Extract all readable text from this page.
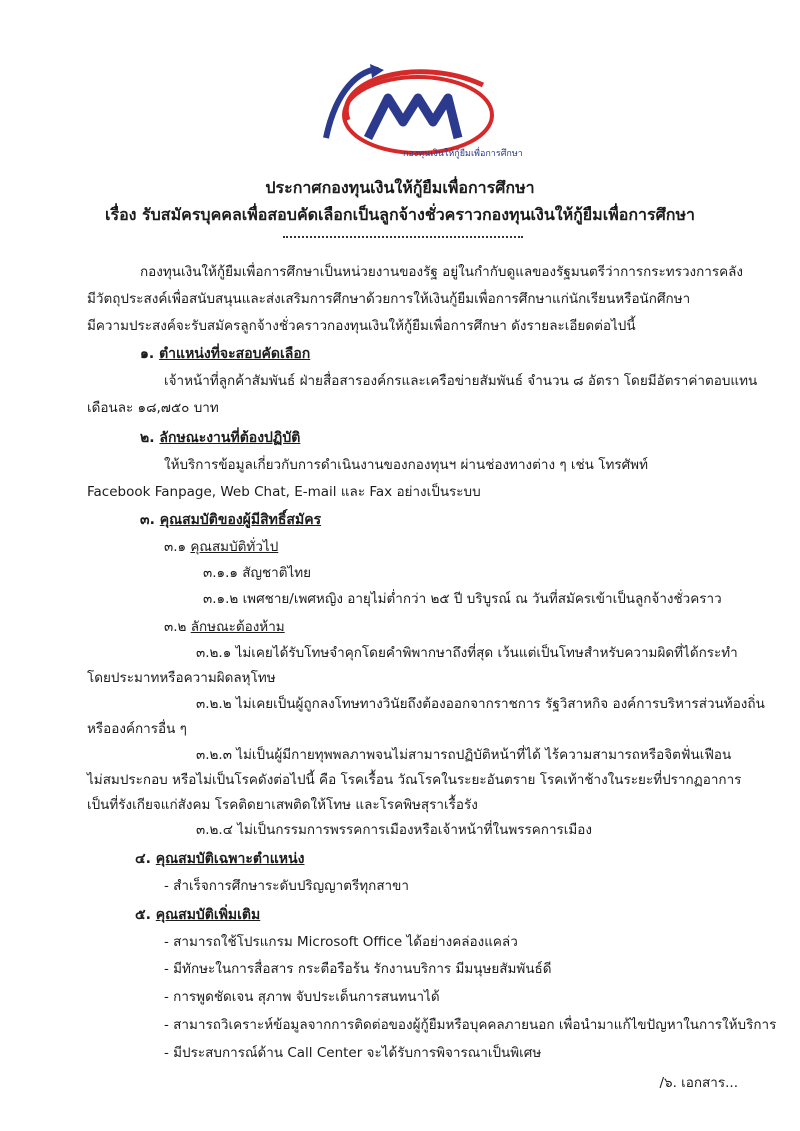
กองทุนเงินให้กู้ยืมเพื่อการศึกษา
ประกาศกองทุนเงินให้กู้ยืมเพื่อการศึกษา
เรื่อง รับสมัครบุคคลเพื่อสอบคัดเลือกเป็นลูกจ้างชั่วคราวกองทุนเงินให้กู้ยืมเพื่อการศึกษา
กองทุนเงินให้กู้ยืมเพื่อการศึกษาเป็นหน่วยงานของรัฐ อยู่ในกำกับดูแลของรัฐมนตรีว่าการกระทรวงการคลัง
มีวัตถุประสงค์เพื่อสนับสนุนและส่งเสริมการศึกษาด้วยการให้เงินกู้ยืมเพื่อการศึกษาแก่นักเรียนหรือนักศึกษา
มีความประสงค์จะรับสมัครลูกจ้างชั่วคราวกองทุนเงินให้กู้ยืมเพื่อการศึกษา ดังรายละเอียดต่อไปนี้
๑. ตำแหน่งที่จะสอบคัดเลือก
เจ้าหน้าที่ลูกค้าสัมพันธ์ ฝ่ายสื่อสารองค์กรและเครือข่ายสัมพันธ์ จำนวน ๘ อัตรา โดยมีอัตราค่าตอบแทน
เดือนละ ๑๘,๗๕๐ บาท
๒. ลักษณะงานที่ต้องปฏิบัติ
ให้บริการข้อมูลเกี่ยวกับการดำเนินงานของกองทุนฯ ผ่านช่องทางต่าง ๆ เช่น โทรศัพท์
Facebook Fanpage, Web Chat, E-mail และ Fax อย่างเป็นระบบ
๓. คุณสมบัติของผู้มีสิทธิ์สมัคร
๓.๑ คุณสมบัติทั่วไป
๓.๑.๑ สัญชาติไทย
๓.๑.๒ เพศชาย/เพศหญิง อายุไม่ต่ำกว่า ๒๕ ปี บริบูรณ์ ณ วันที่สมัครเข้าเป็นลูกจ้างชั่วคราว
๓.๒ ลักษณะต้องห้าม
๓.๒.๑ ไม่เคยได้รับโทษจำคุกโดยคำพิพากษาถึงที่สุด เว้นแต่เป็นโทษสำหรับความผิดที่ได้กระทำ
โดยประมาทหรือความผิดลหุโทษ
๓.๒.๒ ไม่เคยเป็นผู้ถูกลงโทษทางวินัยถึงต้องออกจากราชการ รัฐวิสาหกิจ องค์การบริหารส่วนท้องถิ่น
หรือองค์การอื่น ๆ
๓.๒.๓ ไม่เป็นผู้มีกายทุพพลภาพจนไม่สามารถปฏิบัติหน้าที่ได้ ไร้ความสามารถหรือจิตฟั่นเฟือน
ไม่สมประกอบ หรือไม่เป็นโรคดังต่อไปนี้ คือ โรคเรื้อน วัณโรคในระยะอันตราย โรคเท้าช้างในระยะที่ปรากฏอาการ
เป็นที่รังเกียจแก่สังคม โรคติดยาเสพติดให้โทษ และโรคพิษสุราเรื้อรัง
๓.๒.๔ ไม่เป็นกรรมการพรรคการเมืองหรือเจ้าหน้าที่ในพรรคการเมือง
๔. คุณสมบัติเฉพาะตำแหน่ง
- สำเร็จการศึกษาระดับปริญญาตรีทุกสาขา
๕. คุณสมบัติเพิ่มเติม
- สามารถใช้โปรแกรม Microsoft Office ได้อย่างคล่องแคล่ว
- มีทักษะในการสื่อสาร กระตือรือร้น รักงานบริการ มีมนุษยสัมพันธ์ดี
- การพูดชัดเจน สุภาพ จับประเด็นการสนทนาได้
- สามารถวิเคราะห์ข้อมูลจากการติดต่อของผู้กู้ยืมหรือบุคคลภายนอก เพื่อนำมาแก้ไขปัญหาในการให้บริการ
- มีประสบการณ์ด้าน Call Center จะได้รับการพิจารณาเป็นพิเศษ
/๖. เอกสาร...
